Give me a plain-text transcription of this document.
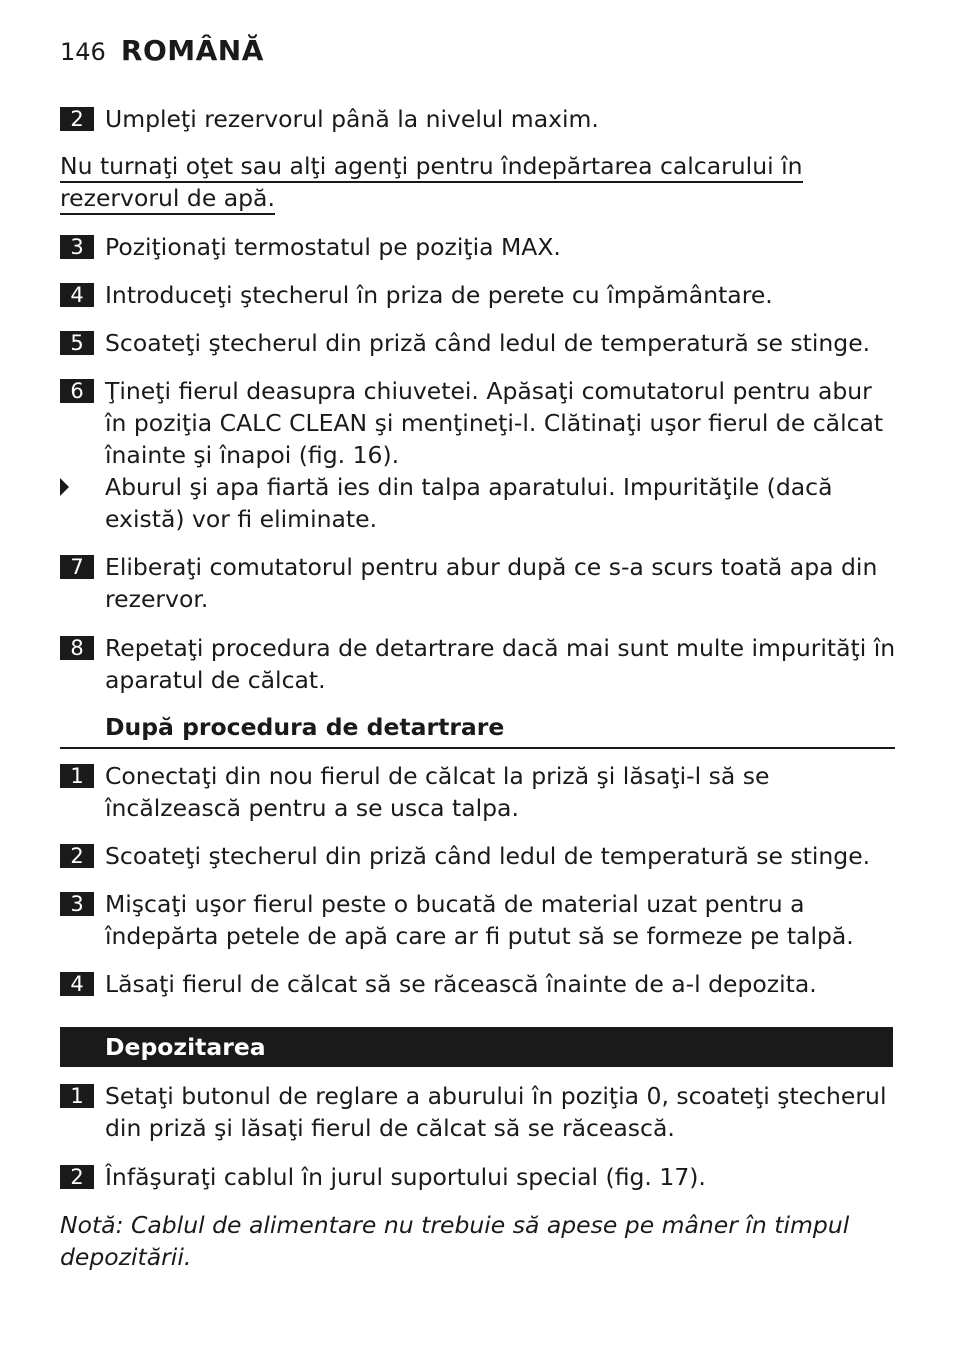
146 ROMÂNĂ
2 Umpleţi rezervorul până la nivelul maxim.
Nu turnaţi oţet sau alţi agenţi pentru îndepărtarea calcarului în rezervorul de apă.
3 Poziţionaţi termostatul pe poziţia MAX.
4 Introduceţi ştecherul în priza de perete cu împământare.
5 Scoateţi ştecherul din priză când ledul de temperatură se stinge.
6 Ţineţi fierul deasupra chiuvetei. Apăsaţi comutatorul pentru abur în poziţia CALC CLEAN şi menţineţi-l. Clătinaţi uşor fierul de călcat înainte şi înapoi (fig. 16).
Aburul şi apa fiartă ies din talpa aparatului. Impurităţile (dacă există) vor fi eliminate.
7 Eliberaţi comutatorul pentru abur după ce s-a scurs toată apa din rezervor.
8 Repetaţi procedura de detartrare dacă mai sunt multe impurităţi în aparatul de călcat.
După procedura de detartrare
1 Conectaţi din nou fierul de călcat la priză şi lăsaţi-l să se încălzească pentru a se usca talpa.
2 Scoateţi ştecherul din priză când ledul de temperatură se stinge.
3 Mişcaţi uşor fierul peste o bucată de material uzat pentru a îndepărta petele de apă care ar fi putut să se formeze pe talpă.
4 Lăsaţi fierul de călcat să se răcească înainte de a-l depozita.
Depozitarea
1 Setaţi butonul de reglare a aburului în poziţia 0, scoateţi ştecherul din priză şi lăsaţi fierul de călcat să se răcească.
2 Înfăşuraţi cablul în jurul suportului special (fig. 17).
Notă: Cablul de alimentare nu trebuie să apese pe mâner în timpul depozitării.
